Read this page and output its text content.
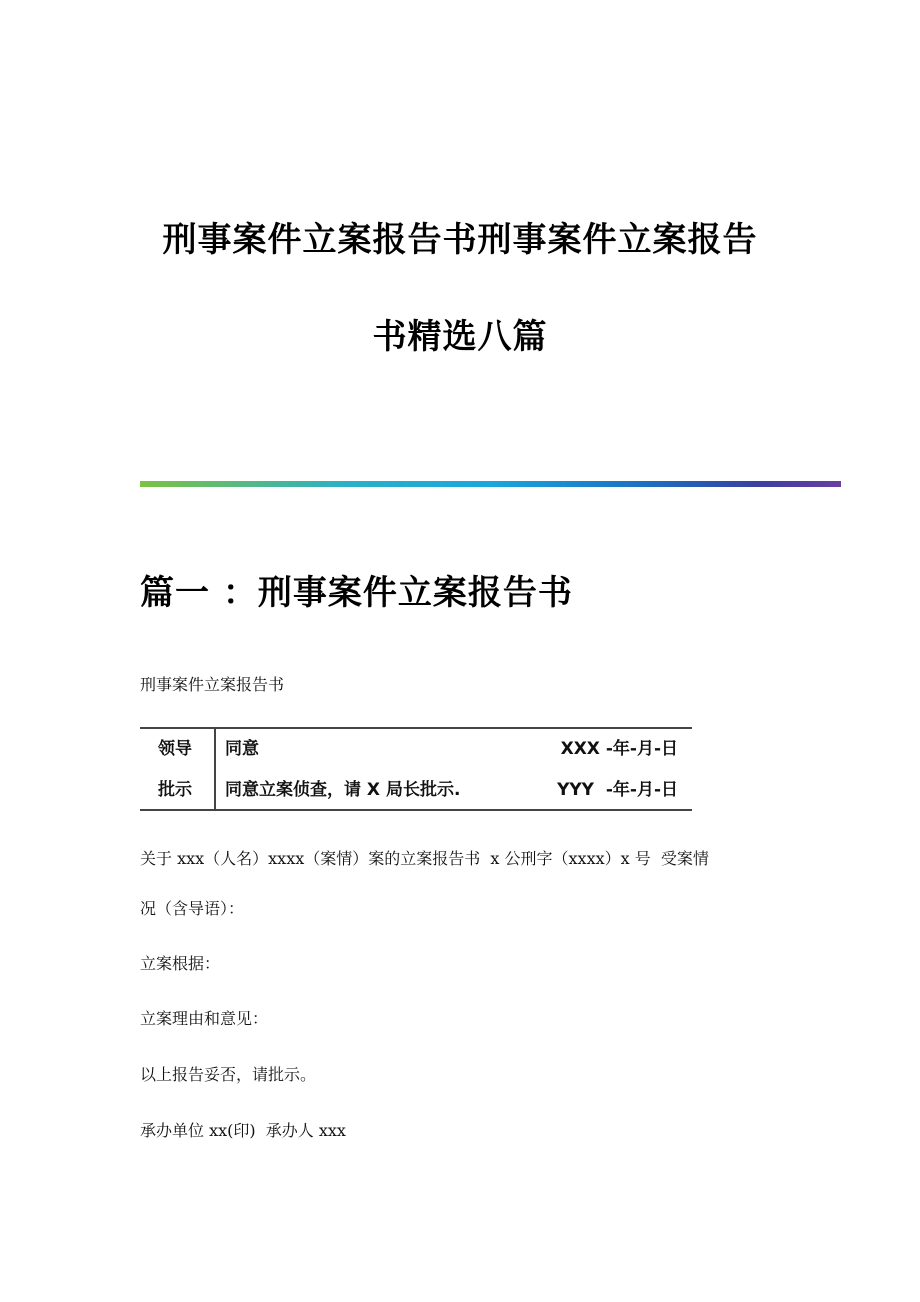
刑事案件立案报告书刑事案件立案报告
书精选八篇
篇一 ：刑事案件立案报告书
刑事案件立案报告书
领导 同意	XXX -年-月-日
批示 同意立案侦查，请 X 局长批示.	YYY  -年-月-日
关于 xxx（人名）xxxx（案情）案的立案报告书  x 公刑字（xxxx）x 号  受案情
况（含导语）：
立案根据：
立案理由和意见：
以上报告妥否，请批示。
承办单位 xx(印)  承办人 xxx
